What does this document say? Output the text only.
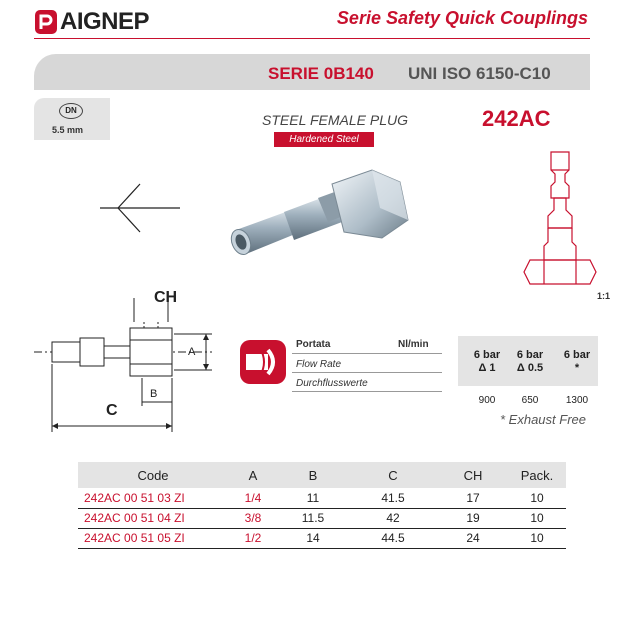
AIGNEP	Serie Safety Quick Couplings
SERIE 0B140 UNI ISO 6150-C10
DN
5.5 mm
STEEL FEMALE PLUG
Hardened Steel
242AC
1:1
CH
A
B
C
Portata	Nl/min
Flow Rate
Durchflusswerte
6 bar
Δ 1
6 bar
Δ 0.5
6 bar
*
900	650	1300
* Exhaust Free
Code	A	B	C	CH	Pack.
242AC 00 51 03 ZI	1/4	11	41.5	17	10
242AC 00 51 04 ZI	3/8	11.5	42	19	10
242AC 00 51 05 ZI	1/2	14	44.5	24	10
